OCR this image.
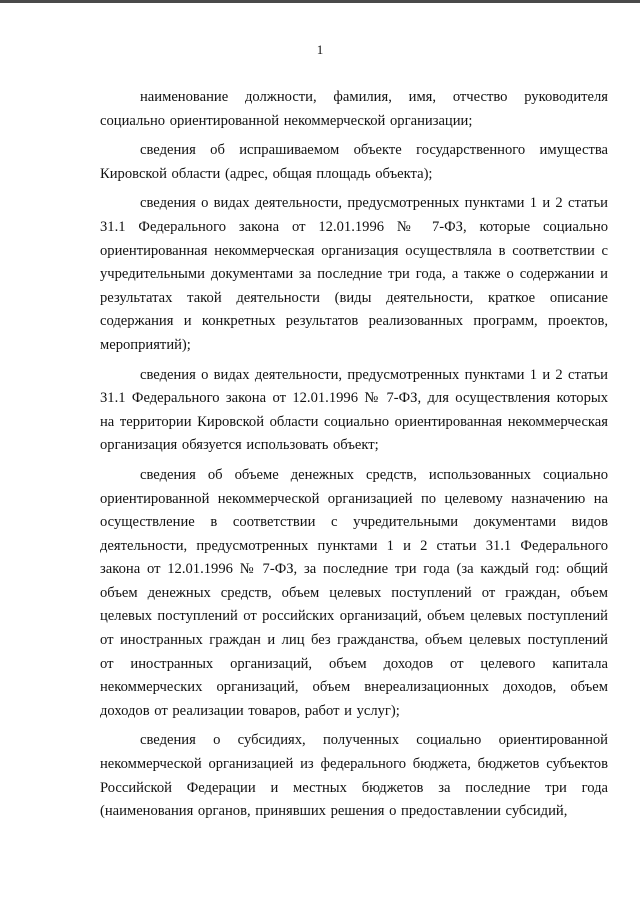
1

наименование должности, фамилия, имя, отчество руководителя социально ориентированной некоммерческой организации;

сведения об испрашиваемом объекте государственного имущества Кировской области (адрес, общая площадь объекта);

сведения о видах деятельности, предусмотренных пунктами 1 и 2 статьи 31.1 Федерального закона от 12.01.1996 № 7-ФЗ, которые социально ориентированная некоммерческая организация осуществляла в соответствии с учредительными документами за последние три года, а также о содержании и результатах такой деятельности (виды деятельности, краткое описание содержания и конкретных результатов реализованных программ, проектов, мероприятий);

сведения о видах деятельности, предусмотренных пунктами 1 и 2 статьи 31.1 Федерального закона от 12.01.1996 № 7-ФЗ, для осуществления которых на территории Кировской области социально ориентированная некоммерческая организация обязуется использовать объект;

сведения об объеме денежных средств, использованных социально ориентированной некоммерческой организацией по целевому назначению на осуществление в соответствии с учредительными документами видов деятельности, предусмотренных пунктами 1 и 2 статьи 31.1 Федерального закона от 12.01.1996 № 7-ФЗ, за последние три года (за каждый год: общий объем денежных средств, объем целевых поступлений от граждан, объем целевых поступлений от российских организаций, объем целевых поступлений от иностранных граждан и лиц без гражданства, объем целевых поступлений от иностранных организаций, объем доходов от целевого капитала некоммерческих организаций, объем внереализационных доходов, объем доходов от реализации товаров, работ и услуг);

сведения о субсидиях, полученных социально ориентированной некоммерческой организацией из федерального бюджета, бюджетов субъектов Российской Федерации и местных бюджетов за последние три года (наименования органов, принявших решения о предоставлении субсидий,
